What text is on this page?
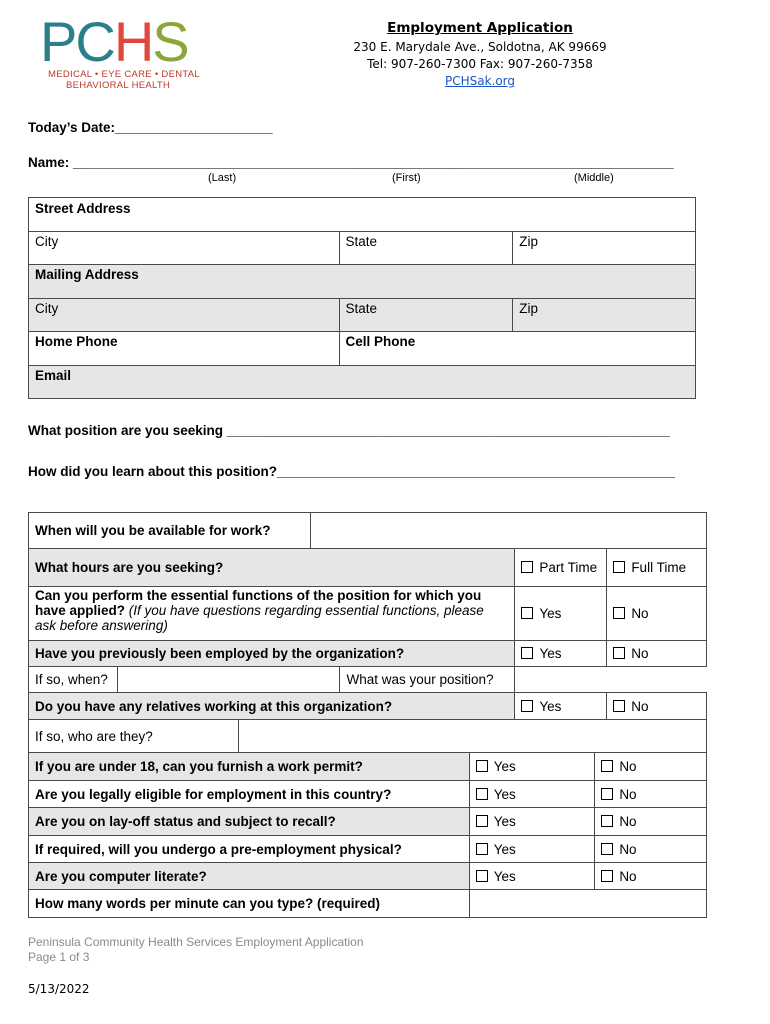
PCHS
MEDICAL • EYE CARE • DENTAL
BEHAVIORAL HEALTH
Employment Application
230 E. Marydale Ave., Soldotna, AK 99669
Tel: 907-260-7300 Fax: 907-260-7358
PCHSak.org
Today’s Date:_____________________
Name: ________________________________________________________________________________
(Last)	(First)	(Middle)
Street Address		
City	State	Zip
Mailing Address		
City	State	Zip
Home Phone	Cell Phone	
Email		
What position are you seeking ___________________________________________________________
How did you learn about this position?_____________________________________________________
When will you be available for work?			
What hours are you seeking?		Part Time	Full Time
Can you perform the essential functions of the position for which you
have applied? (If you have questions regarding essential functions, please
ask before answering)		Yes	No
Have you previously been employed by the organization?			Yes	No
If so, when?		What was your position?		
Do you have any relatives working at this organization?		Yes	No
If so, who are they?			
If you are under 18, can you furnish a work permit?	Yes	No
Are you legally eligible for employment in this country?	Yes	No
Are you on lay-off status and subject to recall?	Yes	No
If required, will you undergo a pre-employment physical?	Yes	No
Are you computer literate?	Yes	No
How many words per minute can you type? (required)		
Peninsula Community Health Services Employment Application
Page 1 of 3
5/13/2022
